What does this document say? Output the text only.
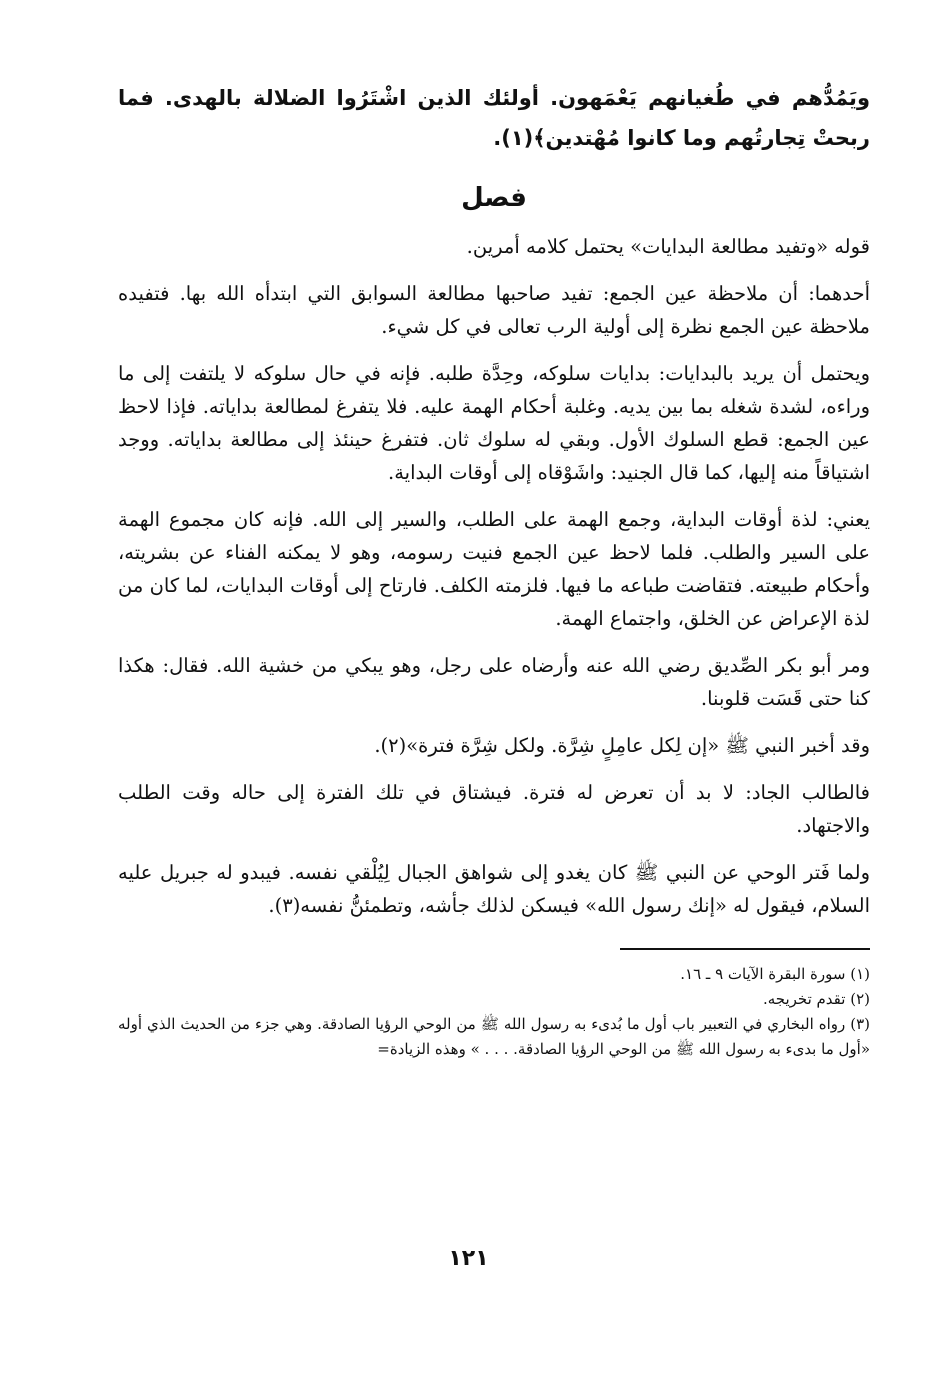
ويَمُدُّهم في طُغيانهم يَعْمَهون. أولئك الذين اشْتَرُوا الضلالة بالهدى. فما ربحتْ تِجارتُهم وما كانوا مُهْتدين﴾(١).

فصل

قوله «وتفيد مطالعة البدايات» يحتمل كلامه أمرين.

أحدهما: أن ملاحظة عين الجمع: تفيد صاحبها مطالعة السوابق التي ابتدأه الله بها. فتفيده ملاحظة عين الجمع نظرة إلى أولية الرب تعالى في كل شيء.

ويحتمل أن يريد بالبدايات: بدايات سلوكه، وحِدَّة طلبه. فإنه في حال سلوكه لا يلتفت إلى ما وراءه، لشدة شغله بما بين يديه. وغلبة أحكام الهمة عليه. فلا يتفرغ لمطالعة بداياته. فإذا لاحظ عين الجمع: قطع السلوك الأول. وبقي له سلوك ثان. فتفرغ حينئذ إلى مطالعة بداياته. ووجد اشتياقاً منه إليها، كما قال الجنيد: واشَوْقاه إلى أوقات البداية.

يعني: لذة أوقات البداية، وجمع الهمة على الطلب، والسير إلى الله. فإنه كان مجموع الهمة على السير والطلب. فلما لاحظ عين الجمع فنيت رسومه، وهو لا يمكنه الفناء عن بشريته، وأحكام طبيعته. فتقاضت طباعه ما فيها. فلزمته الكلف. فارتاح إلى أوقات البدايات، لما كان من لذة الإعراض عن الخلق، واجتماع الهمة.

ومر أبو بكر الصِّديق رضي الله عنه وأرضاه على رجل، وهو يبكي من خشية الله. فقال: هكذا كنا حتى قَسَت قلوبنا.

وقد أخبر النبي ﷺ «إن لِكل عامِلٍ شِرَّة. ولكل شِرَّة فترة»(٢).

فالطالب الجاد: لا بد أن تعرض له فترة. فيشتاق في تلك الفترة إلى حاله وقت الطلب والاجتهاد.

ولما فَتر الوحي عن النبي ﷺ كان يغدو إلى شواهق الجبال لِيُلْقي نفسه. فيبدو له جبريل عليه السلام، فيقول له «إنك رسول الله» فيسكن لذلك جأشه، وتطمئنُّ نفسه(٣).

(١) سورة البقرة الآيات ٩ ـ ١٦.

(٢) تقدم تخريجه.

(٣) رواه البخاري في التعبير باب أول ما بُدىء به رسول الله ﷺ من الوحي الرؤيا الصادقة. وهي جزء من الحديث الذي أوله «أول ما بدىء به رسول الله ﷺ من الوحي الرؤيا الصادقة. . . . » وهذه الزيادة=

١٢١
